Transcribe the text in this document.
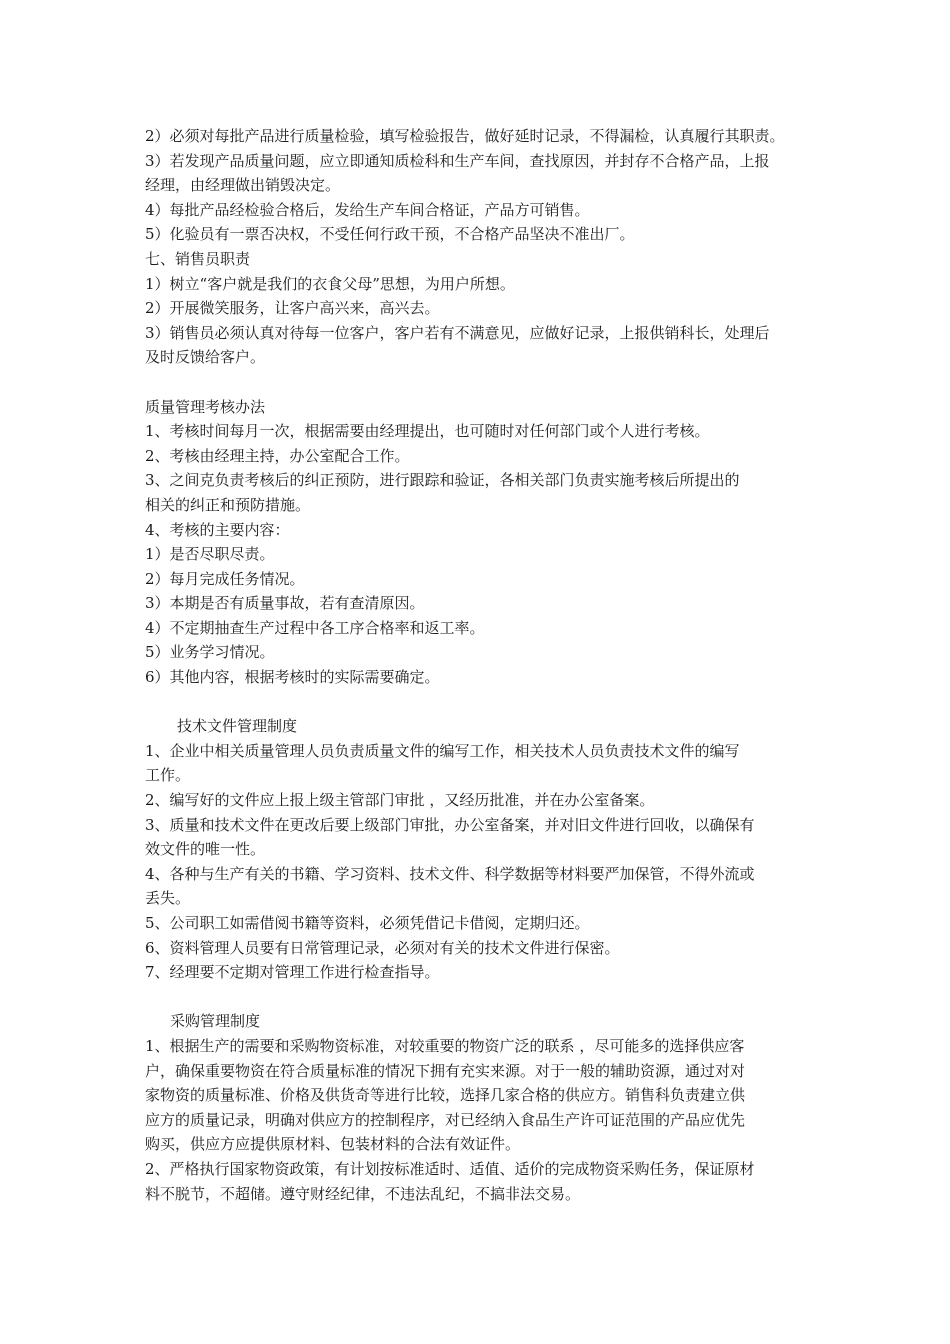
2）必须对每批产品进行质量检验，填写检验报告，做好延时记录，不得漏检，认真履行其职责。
3）若发现产品质量问题，应立即通知质检科和生产车间，查找原因，并封存不合格产品，上报
经理，由经理做出销毁决定。
4）每批产品经检验合格后，发给生产车间合格证，产品方可销售。
5）化验员有一票否决权，不受任何行政干预，不合格产品坚决不准出厂。
七、销售员职责
1）树立“客户就是我们的衣食父母”思想，为用户所想。
2）开展微笑服务，让客户高兴来，高兴去。
3）销售员必须认真对待每一位客户，客户若有不满意见，应做好记录，上报供销科长，处理后
及时反馈给客户。
质量管理考核办法
1、考核时间每月一次，根据需要由经理提出，也可随时对任何部门或个人进行考核。
2、考核由经理主持，办公室配合工作。
3、之间克负责考核后的纠正预防，进行跟踪和验证，各相关部门负责实施考核后所提出的
相关的纠正和预防措施。
4、考核的主要内容：
1）是否尽职尽责。
2）每月完成任务情况。
3）本期是否有质量事故，若有查清原因。
4）不定期抽查生产过程中各工序合格率和返工率。
5）业务学习情况。
6）其他内容，根据考核时的实际需要确定。
技术文件管理制度
1、企业中相关质量管理人员负责质量文件的编写工作，相关技术人员负责技术文件的编写
工作。
2、编写好的文件应上报上级主管部门审批 ，又经历批准，并在办公室备案。
3、质量和技术文件在更改后要上级部门审批，办公室备案，并对旧文件进行回收，以确保有
效文件的唯一性。
4、各种与生产有关的书籍、学习资料、技术文件、科学数据等材料要严加保管，不得外流或
丢失。
5、公司职工如需借阅书籍等资料，必须凭借记卡借阅，定期归还。
6、资料管理人员要有日常管理记录，必须对有关的技术文件进行保密。
7、经理要不定期对管理工作进行检查指导。
采购管理制度
1、根据生产的需要和采购物资标准，对较重要的物资广泛的联系 ，尽可能多的选择供应客
户，确保重要物资在符合质量标准的情况下拥有充实来源。对于一般的辅助资源，通过对对
家物资的质量标准、价格及供货奇等进行比较，选择几家合格的供应方。销售科负责建立供
应方的质量记录，明确对供应方的控制程序，对已经纳入食品生产许可证范围的产品应优先
购买，供应方应提供原材料、包装材料的合法有效证件。
2、严格执行国家物资政策，有计划按标准适时、适值、适价的完成物资采购任务，保证原材
料不脱节，不超储。遵守财经纪律，不违法乱纪，不搞非法交易。
